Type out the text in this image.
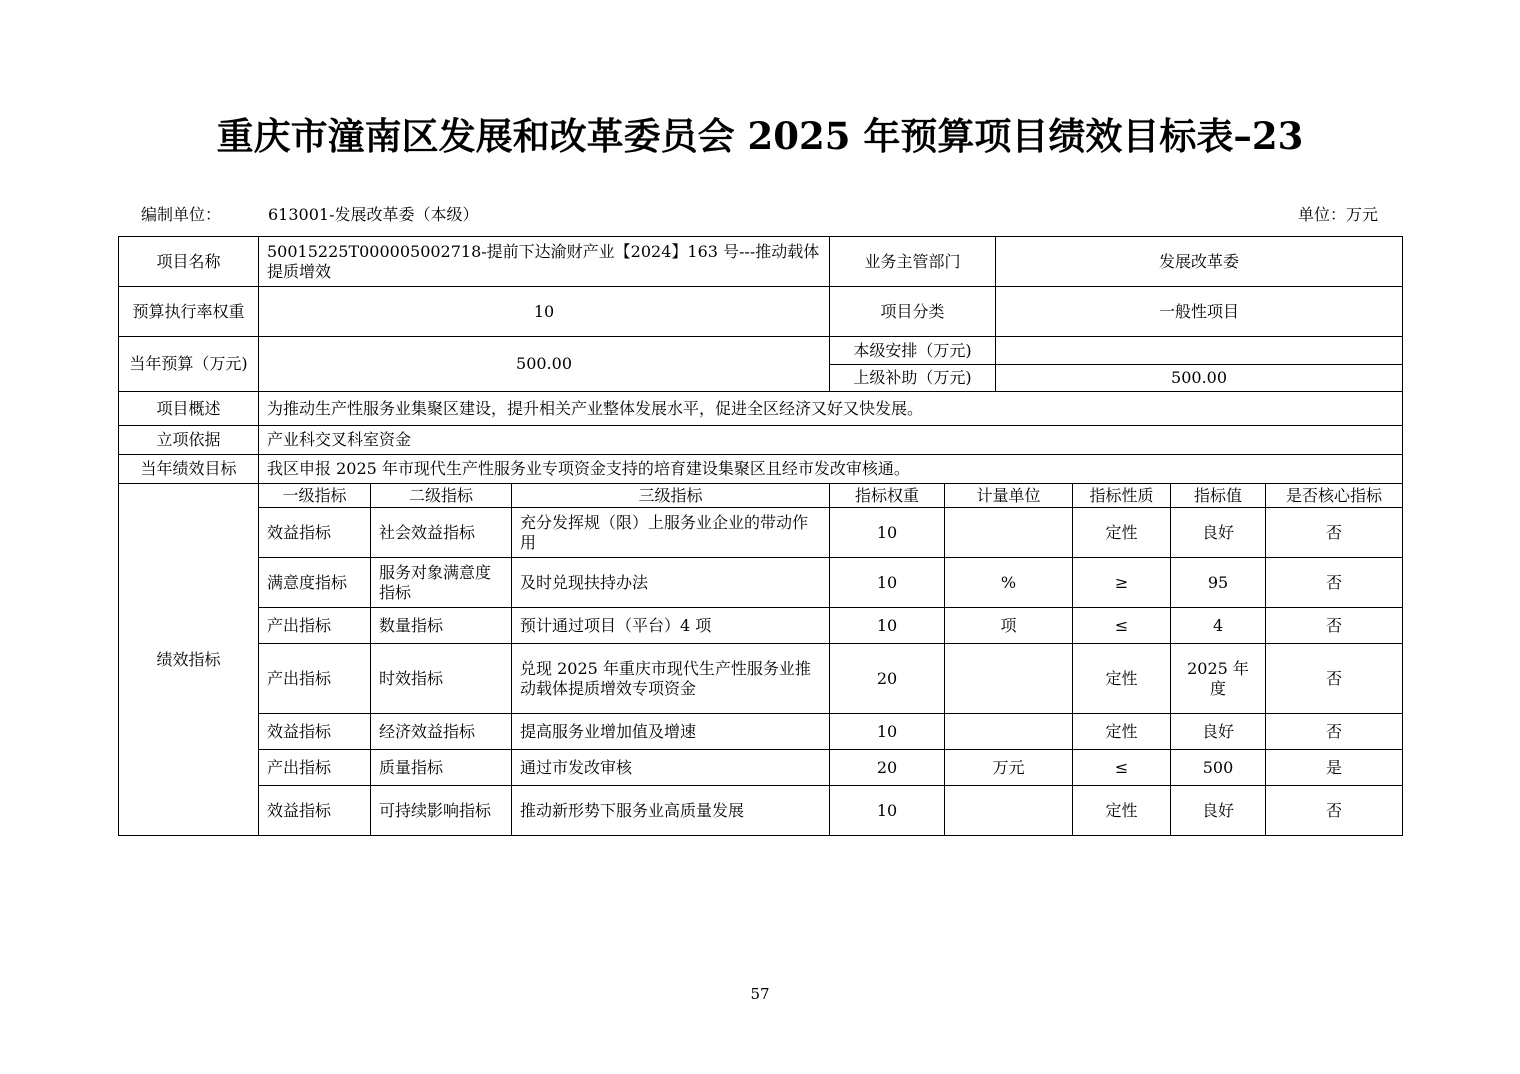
重庆市潼南区发展和改革委员会 2025 年预算项目绩效目标表–23
编制单位：	613001-发展改革委（本级）	单位：万元
项目名称	50015225T000005002718-提前下达渝财产业【2024】163 号---推动载体提质增效			业务主管部门		发展改革委			
预算执行率权重	10			项目分类		一般性项目			
当年预算（万元)	500.00			本级安排（万元)					
				上级补助（万元)		500.00			
项目概述	为推动生产性服务业集聚区建设，提升相关产业整体发展水平，促进全区经济又好又快发展。								
立项依据	产业科交叉科室资金								
当年绩效目标	我区申报 2025 年市现代生产性服务业专项资金支持的培育建设集聚区且经市发改审核通。								
绩效指标	一级指标	二级指标	三级指标	指标权重	计量单位		指标性质	指标值	是否核心指标
	效益指标	社会效益指标	充分发挥规（限）上服务业企业的带动作用	10			定性	良好	否
	满意度指标	服务对象满意度指标	及时兑现扶持办法	10	%		≥	95	否
	产出指标	数量指标	预计通过项目（平台）4 项	10	项		≤	4	否
	产出指标	时效指标	兑现 2025 年重庆市现代生产性服务业推动载体提质增效专项资金	20			定性	2025 年度	否
	效益指标	经济效益指标	提高服务业增加值及增速	10			定性	良好	否
	产出指标	质量指标	通过市发改审核	20	万元		≤	500	是
	效益指标	可持续影响指标	推动新形势下服务业高质量发展	10			定性	良好	否
57
